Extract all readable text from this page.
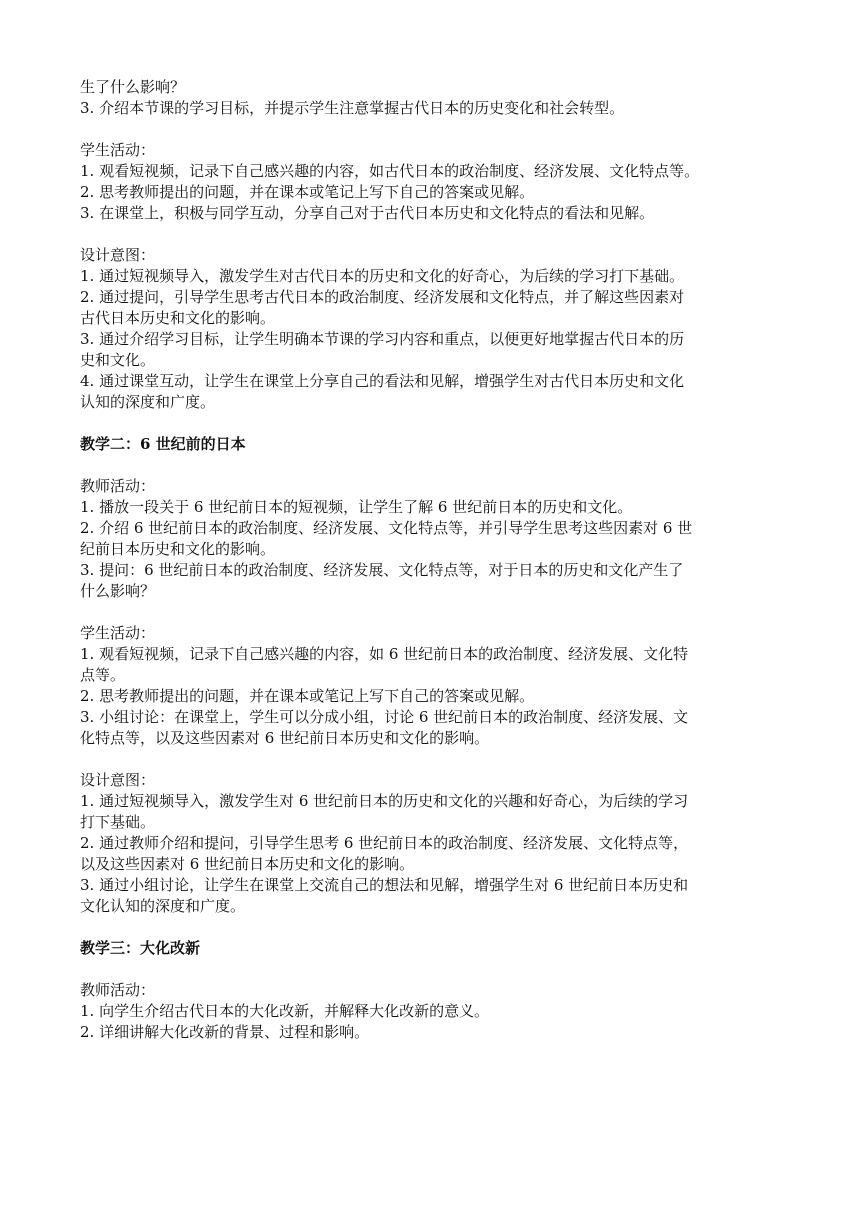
生了什么影响？
3. 介绍本节课的学习目标，并提示学生注意掌握古代日本的历史变化和社会转型。
学生活动：
1. 观看短视频，记录下自己感兴趣的内容，如古代日本的政治制度、经济发展、文化特点等。
2. 思考教师提出的问题，并在课本或笔记上写下自己的答案或见解。
3. 在课堂上，积极与同学互动，分享自己对于古代日本历史和文化特点的看法和见解。
设计意图：
1. 通过短视频导入，激发学生对古代日本的历史和文化的好奇心，为后续的学习打下基础。
2. 通过提问，引导学生思考古代日本的政治制度、经济发展和文化特点，并了解这些因素对
古代日本历史和文化的影响。
3. 通过介绍学习目标，让学生明确本节课的学习内容和重点，以便更好地掌握古代日本的历
史和文化。
4. 通过课堂互动，让学生在课堂上分享自己的看法和见解，增强学生对古代日本历史和文化
认知的深度和广度。
教学二：6 世纪前的日本
教师活动：
1. 播放一段关于 6 世纪前日本的短视频，让学生了解 6 世纪前日本的历史和文化。
2. 介绍 6 世纪前日本的政治制度、经济发展、文化特点等，并引导学生思考这些因素对 6 世
纪前日本历史和文化的影响。
3. 提问：6 世纪前日本的政治制度、经济发展、文化特点等，对于日本的历史和文化产生了
什么影响？
学生活动：
1. 观看短视频，记录下自己感兴趣的内容，如 6 世纪前日本的政治制度、经济发展、文化特
点等。
2. 思考教师提出的问题，并在课本或笔记上写下自己的答案或见解。
3. 小组讨论：在课堂上，学生可以分成小组，讨论 6 世纪前日本的政治制度、经济发展、文
化特点等，以及这些因素对 6 世纪前日本历史和文化的影响。
设计意图：
1. 通过短视频导入，激发学生对 6 世纪前日本的历史和文化的兴趣和好奇心，为后续的学习
打下基础。
2. 通过教师介绍和提问，引导学生思考 6 世纪前日本的政治制度、经济发展、文化特点等，
以及这些因素对 6 世纪前日本历史和文化的影响。
3. 通过小组讨论，让学生在课堂上交流自己的想法和见解，增强学生对 6 世纪前日本历史和
文化认知的深度和广度。
教学三：大化改新
教师活动：
1. 向学生介绍古代日本的大化改新，并解释大化改新的意义。
2. 详细讲解大化改新的背景、过程和影响。
